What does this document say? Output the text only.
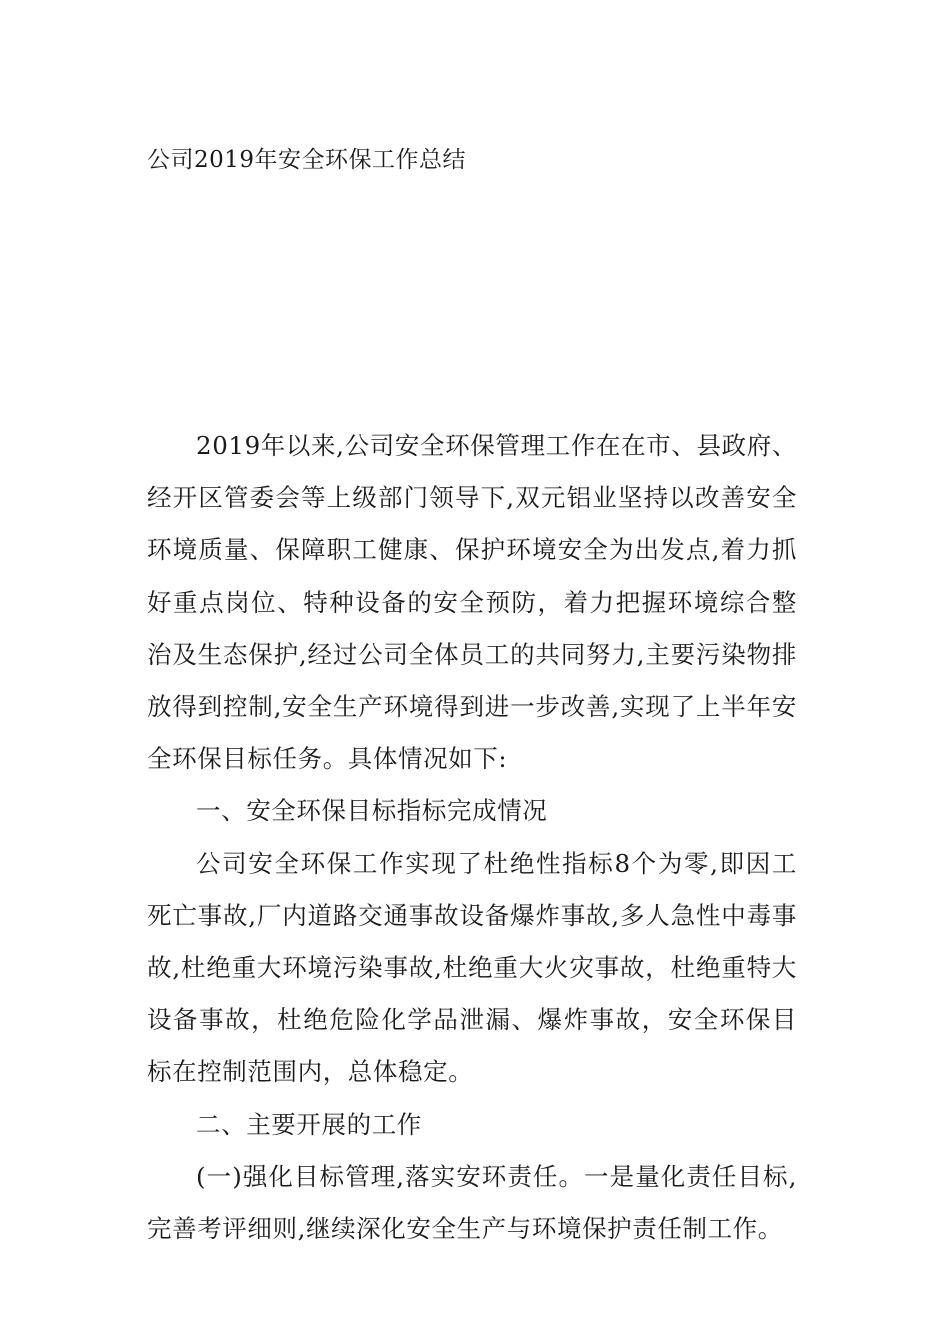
公司2019年安全环保工作总结

2019年以来,公司安全环保管理工作在在市、县政府、经开区管委会等上级部门领导下,双元铝业坚持以改善安全环境质量、保障职工健康、保护环境安全为出发点,着力抓好重点岗位、特种设备的安全预防，着力把握环境综合整治及生态保护,经过公司全体员工的共同努力,主要污染物排放得到控制,安全生产环境得到进一步改善,实现了上半年安全环保目标任务。具体情况如下:

一、安全环保目标指标完成情况

公司安全环保工作实现了杜绝性指标8个为零,即因工死亡事故,厂内道路交通事故设备爆炸事故,多人急性中毒事故,杜绝重大环境污染事故,杜绝重大火灾事故，杜绝重特大设备事故，杜绝危险化学品泄漏、爆炸事故，安全环保目标在控制范围内，总体稳定。

二、主要开展的工作

(一)强化目标管理,落实安环责任。一是量化责任目标,完善考评细则,继续深化安全生产与环境保护责任制工作。
